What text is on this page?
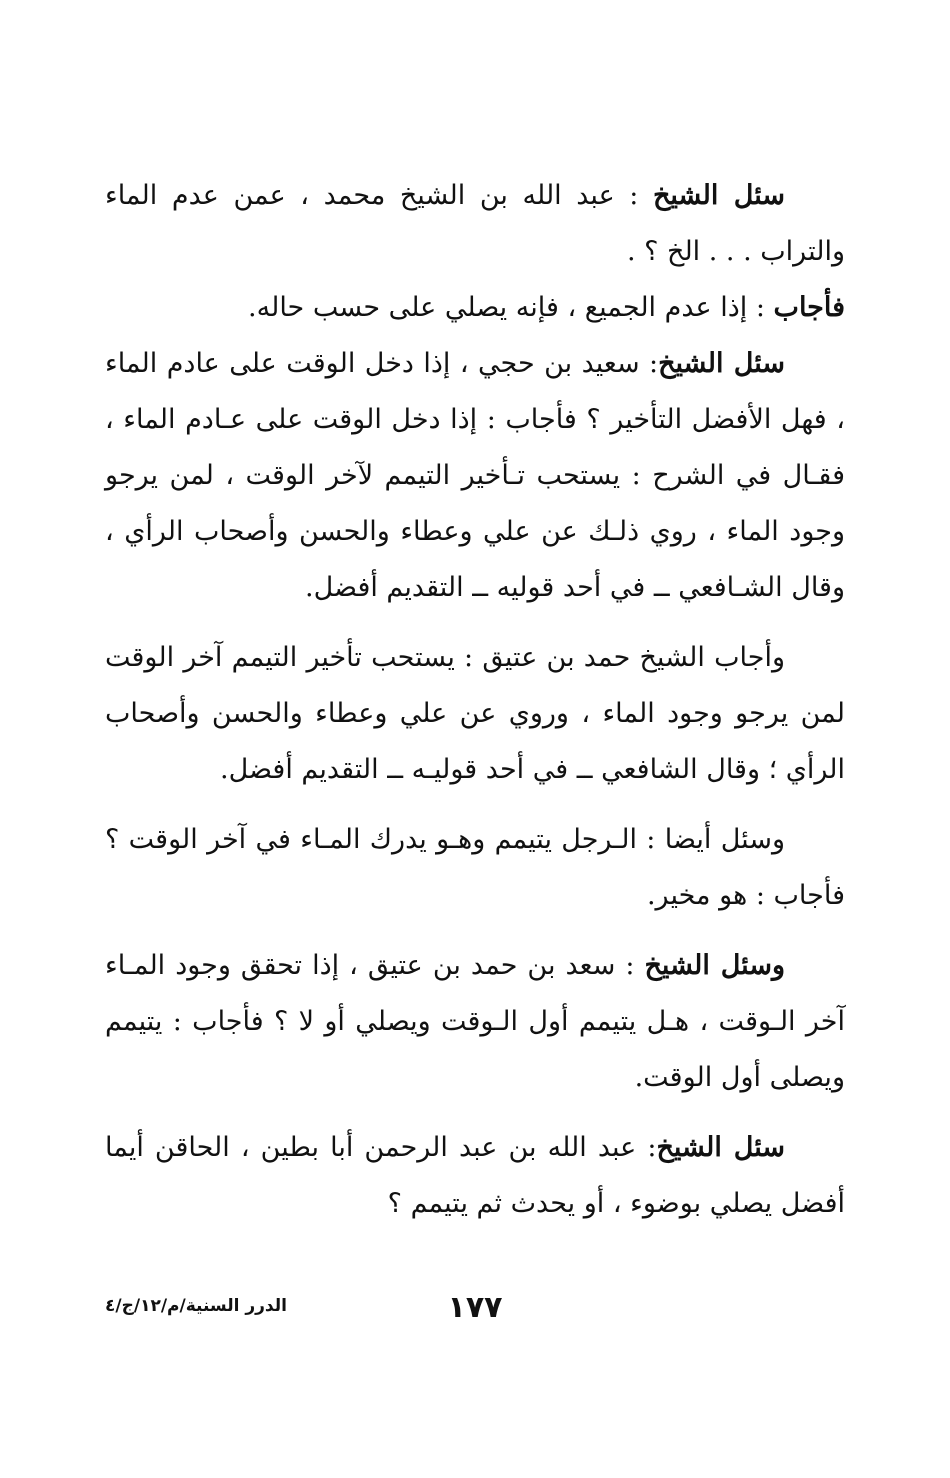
سئل الشيخ : عبد الله بن الشيخ محمد ، عمن عدم الماء والتراب . . . الخ ؟ .

فأجاب : إذا عدم الجميع ، فإنه يصلي على حسب حاله.

سئل الشيخ: سعيد بن حجي ، إذا دخل الوقت على عادم الماء ، فهل الأفضل التأخير ؟ فأجاب : إذا دخل الوقت على عـادم الماء ، فقـال في الشرح : يستحب تـأخير التيمم لآخر الوقت ، لمن يرجو وجود الماء ، روي ذلـك عن علي وعطاء والحسن وأصحاب الرأي ، وقال الشـافعي ــ في أحد قوليه ــ التقديم أفضل.

وأجاب الشيخ حمد بن عتيق : يستحب تأخير التيمم آخر الوقت لمن يرجو وجود الماء ، وروي عن علي وعطاء والحسن وأصحاب الرأي ؛ وقال الشافعي ــ في أحد قوليـه ــ التقديم أفضل.

وسئل أيضا : الـرجل يتيمم وهـو يدرك المـاء في آخر الوقت ؟ فأجاب : هو مخير.

وسئل الشيخ : سعد بن حمد بن عتيق ، إذا تحقق وجود المـاء آخر الـوقت ، هـل يتيمم أول الـوقت ويصلي أو لا ؟ فأجاب : يتيمم ويصلى أول الوقت.

سئل الشيخ: عبد الله بن عبد الرحمن أبا بطين ، الحاقن أيما أفضل يصلي بوضوء ، أو يحدث ثم يتيمم ؟

١٧٧
الدرر السنية/م/١٢/ج/٤
